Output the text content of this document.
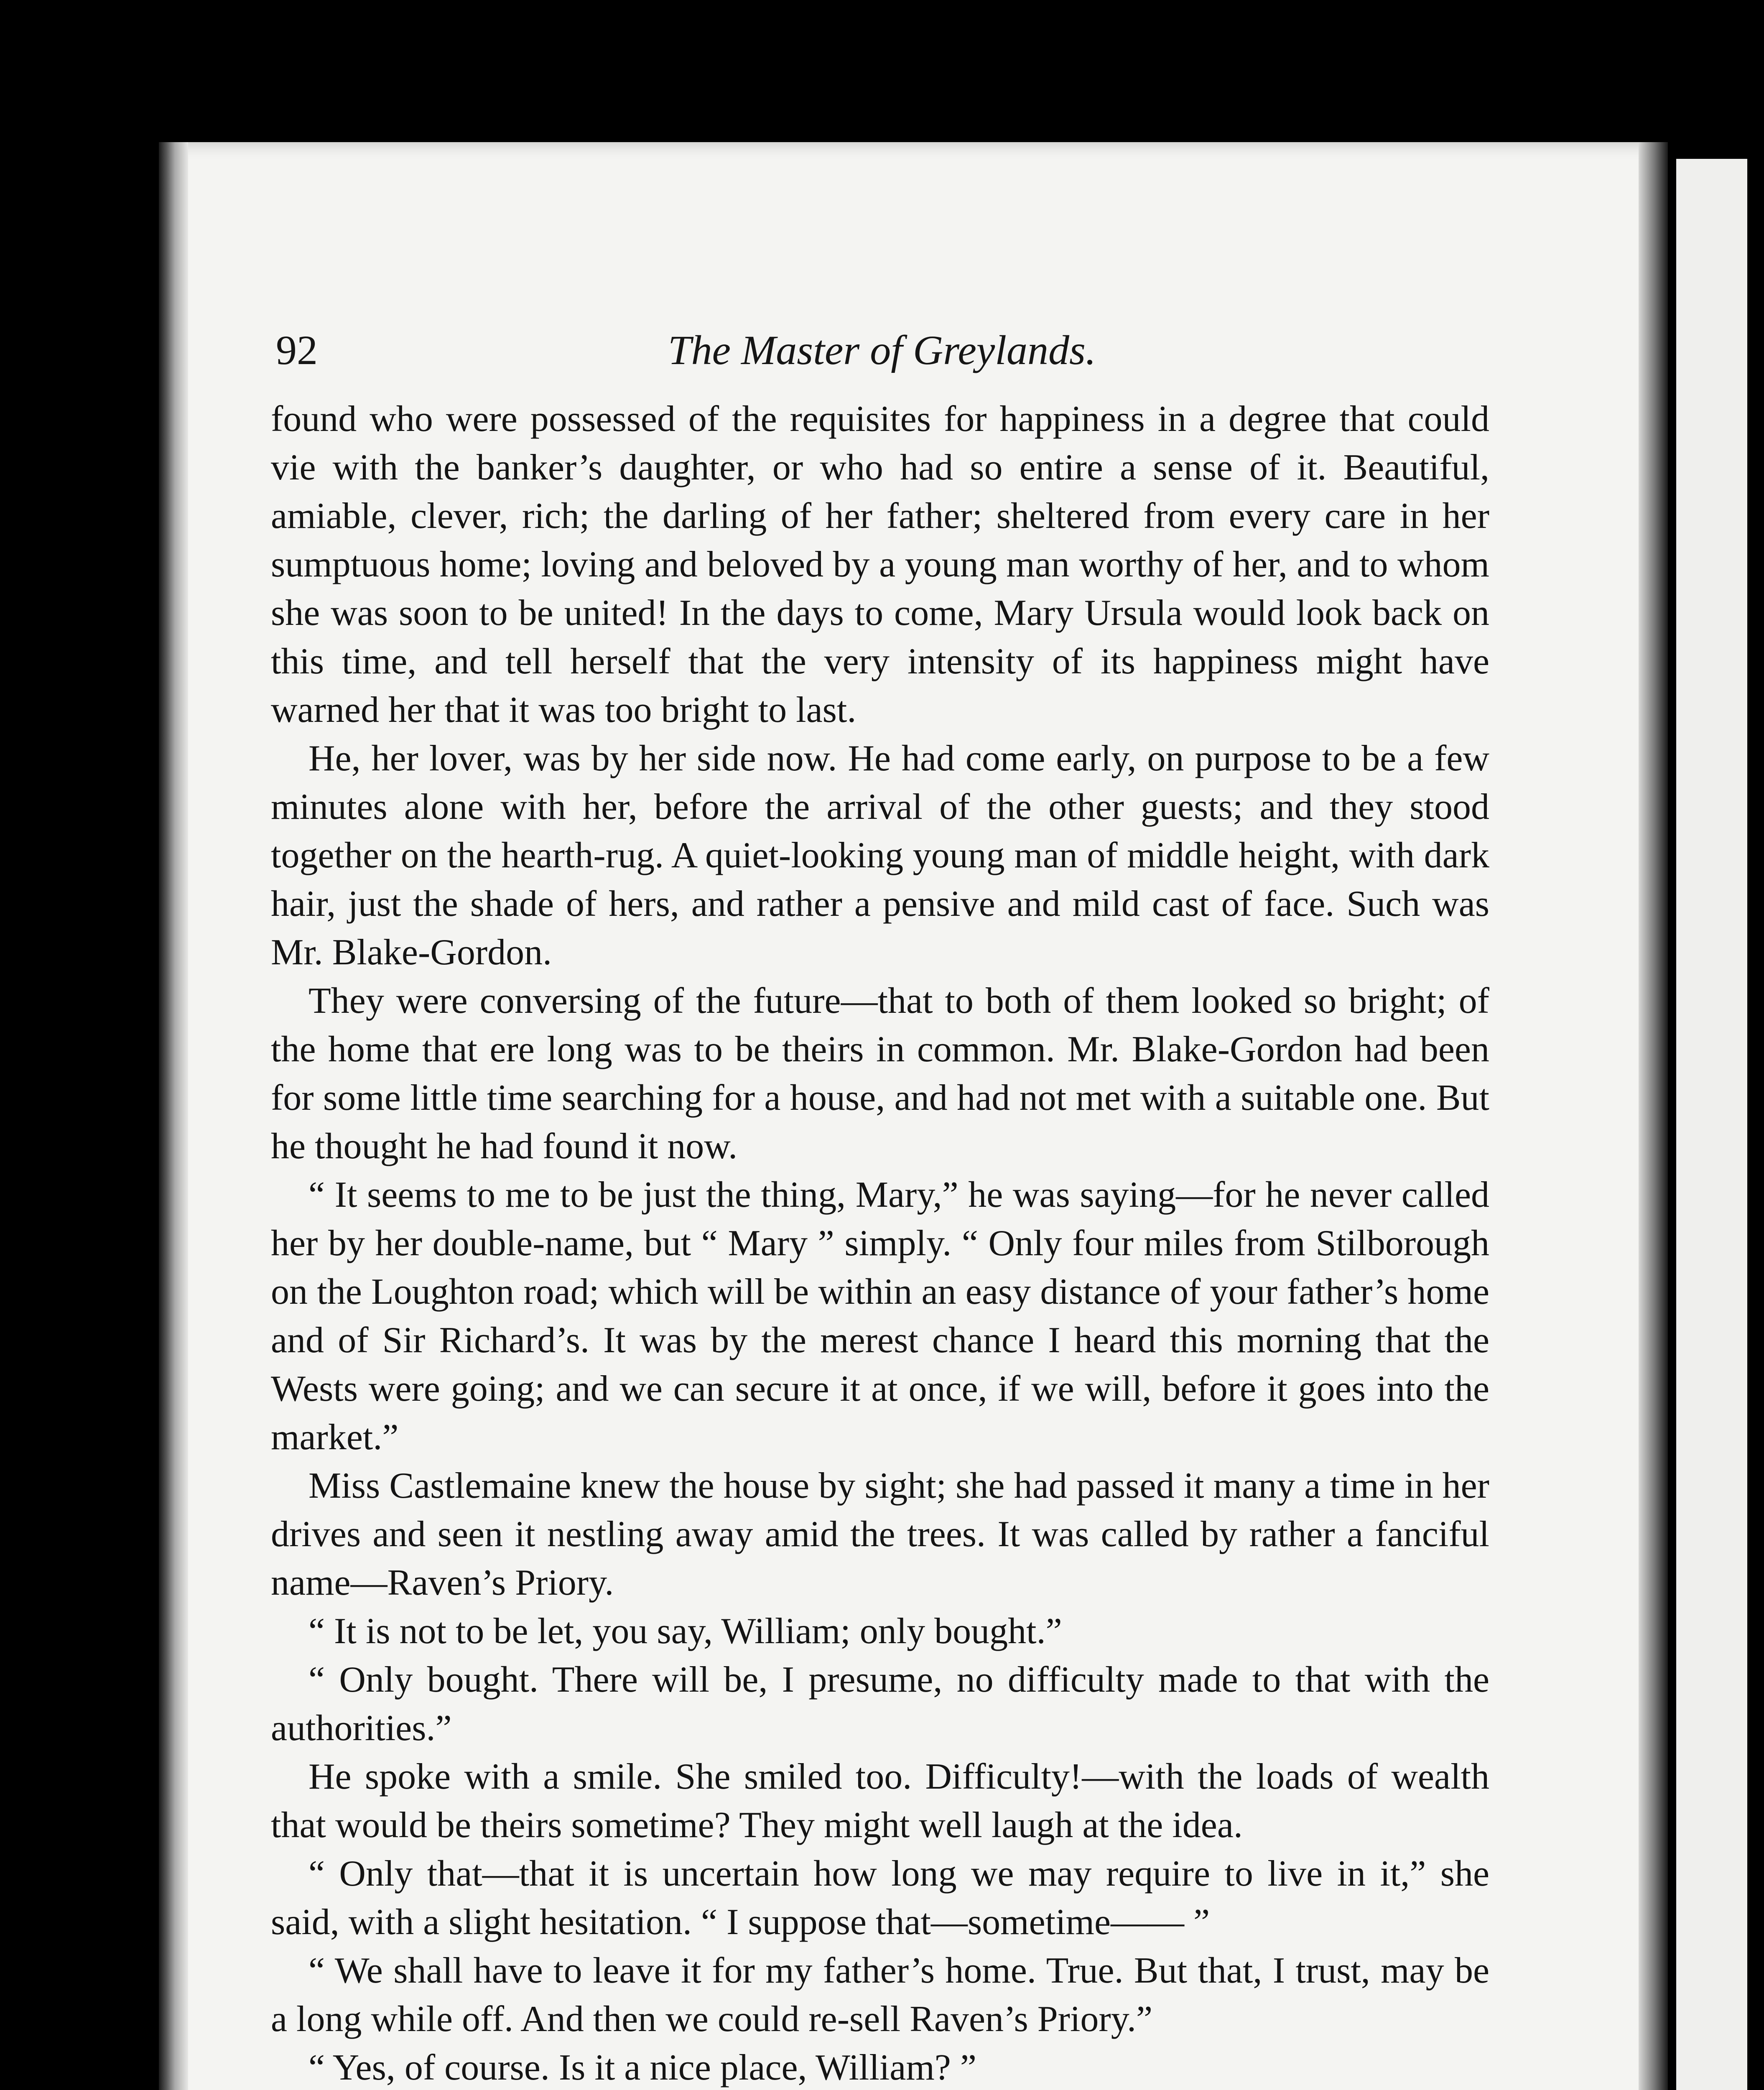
The Master of Greylands.
92

found who were possessed of the requisites for happiness in a degree that could vie with the banker’s daughter, or who had so entire a sense of it. Beautiful, amiable, clever, rich; the darling of her father; sheltered from every care in her sumptuous home; loving and beloved by a young man worthy of her, and to whom she was soon to be united! In the days to come, Mary Ursula would look back on this time, and tell herself that the very intensity of its happiness might have warned her that it was too bright to last.

He, her lover, was by her side now. He had come early, on purpose to be a few minutes alone with her, before the arrival of the other guests; and they stood together on the hearth-rug. A quiet-looking young man of middle height, with dark hair, just the shade of hers, and rather a pensive and mild cast of face. Such was Mr. Blake-Gordon.

They were conversing of the future—that to both of them looked so bright; of the home that ere long was to be theirs in common. Mr. Blake-Gordon had been for some little time searching for a house, and had not met with a suitable one. But he thought he had found it now.

“ It seems to me to be just the thing, Mary,” he was saying—for he never called her by her double-name, but “ Mary ” simply. “ Only four miles from Stilborough on the Loughton road; which will be within an easy distance of your father’s home and of Sir Richard’s. It was by the merest chance I heard this morning that the Wests were going; and we can secure it at once, if we will, before it goes into the market.”

Miss Castlemaine knew the house by sight; she had passed it many a time in her drives and seen it nestling away amid the trees. It was called by rather a fanciful name—Raven’s Priory.

“ It is not to be let, you say, William; only bought.”

“ Only bought. There will be, I presume, no difficulty made to that with the authorities.”

He spoke with a smile. She smiled too. Difficulty!—with the loads of wealth that would be theirs sometime? They might well laugh at the idea.

“ Only that—that it is uncertain how long we may require to live in it,” she said, with a slight hesitation. “ I suppose that—sometime—— ”

“ We shall have to leave it for my father’s home. True. But that, I trust, may be a long while off. And then we could re-sell Raven’s Priory.”

“ Yes, of course. Is it a nice place, William? ”
